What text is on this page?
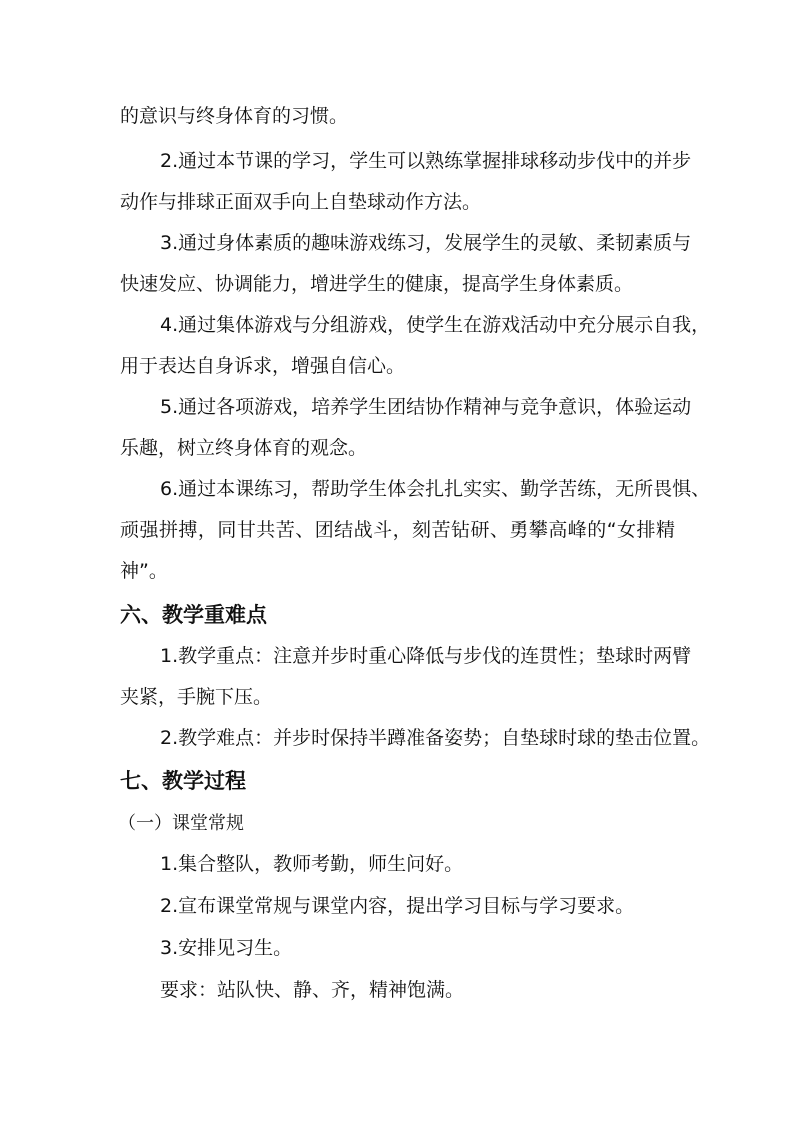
的意识与终身体育的习惯。
2.通过本节课的学习，学生可以熟练掌握排球移动步伐中的并步
动作与排球正面双手向上自垫球动作方法。
3.通过身体素质的趣味游戏练习，发展学生的灵敏、柔韧素质与
快速发应、协调能力，增进学生的健康，提高学生身体素质。
4.通过集体游戏与分组游戏，使学生在游戏活动中充分展示自我，
用于表达自身诉求，增强自信心。
5.通过各项游戏，培养学生团结协作精神与竞争意识，体验运动
乐趣，树立终身体育的观念。
6.通过本课练习，帮助学生体会扎扎实实、勤学苦练，无所畏惧、
顽强拼搏，同甘共苦、团结战斗，刻苦钻研、勇攀高峰的“女排精
神”。
六、教学重难点
1.教学重点：注意并步时重心降低与步伐的连贯性；垫球时两臂
夹紧，手腕下压。
2.教学难点：并步时保持半蹲准备姿势；自垫球时球的垫击位置。
七、教学过程
（一）课堂常规
1.集合整队，教师考勤，师生问好。
2.宣布课堂常规与课堂内容，提出学习目标与学习要求。
3.安排见习生。
要求：站队快、静、齐，精神饱满。
